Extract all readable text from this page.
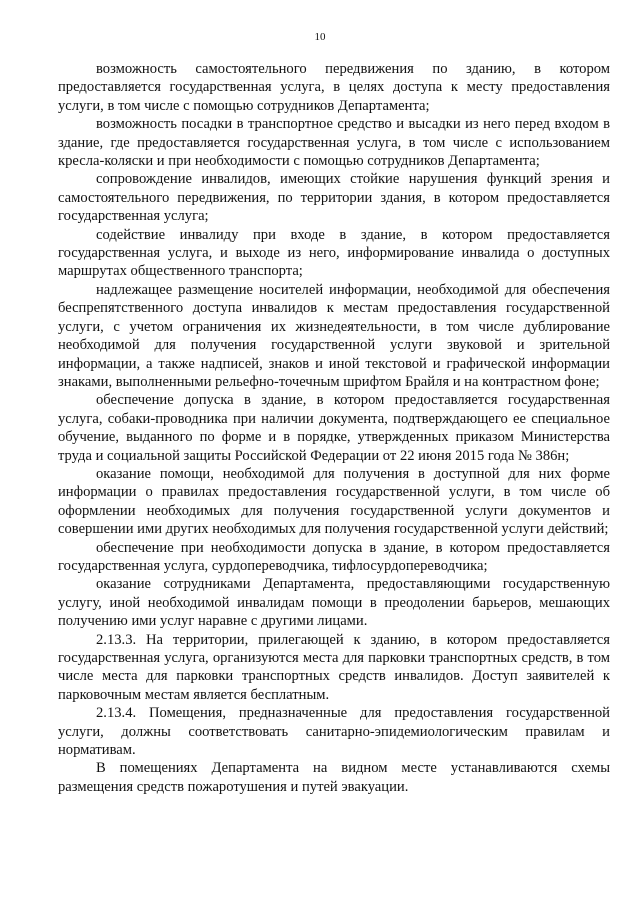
10

возможность самостоятельного передвижения по зданию, в котором предоставляется государственная услуга, в целях доступа к месту предоставления услуги, в том числе с помощью сотрудников Департамента;

возможность посадки в транспортное средство и высадки из него перед входом в здание, где предоставляется государственная услуга, в том числе с использованием кресла-коляски и при необходимости с помощью сотрудников Департамента;

сопровождение инвалидов, имеющих стойкие нарушения функций зрения и самостоятельного передвижения, по территории здания, в котором предоставляется государственная услуга;

содействие инвалиду при входе в здание, в котором предоставляется государственная услуга, и выходе из него, информирование инвалида о доступных маршрутах общественного транспорта;

надлежащее размещение носителей информации, необходимой для обеспечения беспрепятственного доступа инвалидов к местам предоставления государственной услуги, с учетом ограничения их жизнедеятельности, в том числе дублирование необходимой для получения государственной услуги звуковой и зрительной информации, а также надписей, знаков и иной текстовой и графической информации знаками, выполненными рельефно-точечным шрифтом Брайля и на контрастном фоне;

обеспечение допуска в здание, в котором предоставляется государственная услуга, собаки-проводника при наличии документа, подтверждающего ее специальное обучение, выданного по форме и в порядке, утвержденных приказом Министерства труда и социальной защиты Российской Федерации от 22 июня 2015 года № 386н;

оказание помощи, необходимой для получения в доступной для них форме информации о правилах предоставления государственной услуги, в том числе об оформлении необходимых для получения государственной услуги документов и совершении ими других необходимых для получения государственной услуги действий;

обеспечение при необходимости допуска в здание, в котором предоставляется государственная услуга, сурдопереводчика, тифлосурдопереводчика;

оказание сотрудниками Департамента, предоставляющими государственную услугу, иной необходимой инвалидам помощи в преодолении барьеров, мешающих получению ими услуг наравне с другими лицами.

2.13.3. На территории, прилегающей к зданию, в котором предоставляется государственная услуга, организуются места для парковки транспортных средств, в том числе места для парковки транспортных средств инвалидов. Доступ заявителей к парковочным местам является бесплатным.

2.13.4. Помещения, предназначенные для предоставления государственной услуги, должны соответствовать санитарно-эпидемиологическим правилам и нормативам.

В помещениях Департамента на видном месте устанавливаются схемы размещения средств пожаротушения и путей эвакуации.
